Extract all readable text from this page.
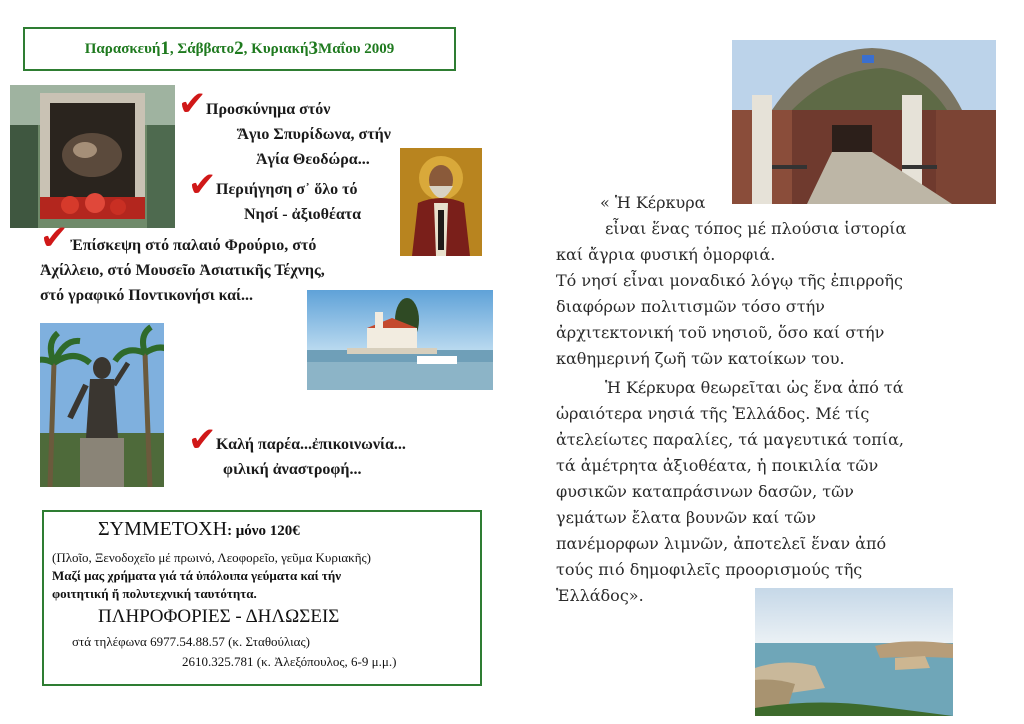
Παρασκευή 1 , Σάββατο 2 , Κυριακή 3 Μαΐου 2009
✔ Προσκύνημα στόν
Ἅγιο Σπυρίδωνα, στήν
Ἁγία Θεοδώρα...
✔ Περιήγηση σ᾽ ὅλο τό
Νησί - ἀξιοθέατα
✔ Ἐπίσκεψη στό παλαιό Φρούριο, στό
Ἀχίλλειο, στό Μουσεῖο Ἀσιατικῆς Τέχνης,
στό γραφικό Ποντικονήσι καί...
✔ Καλή παρέα...ἐπικοινωνία...
φιλική ἀναστροφή...
ΣΥΜΜΕΤΟΧΗ: μόνο 120€
(Πλοῖο, Ξενοδοχεῖο μέ πρωινό, Λεοφορεῖο, γεῦμα Κυριακῆς)
Μαζί μας χρήματα γιά τά ὑπόλοιπα γεύματα καί τήν
φοιτητική ἤ πολυτεχνική ταυτότητα.
ΠΛΗΡΟΦΟΡΙΕΣ - ΔΗΛΩΣΕΙΣ
στά τηλέφωνα 6977.54.88.57 (κ. Σταθούλιας)
2610.325.781 (κ. Ἀλεξόπουλος, 6-9 μ.μ.)
« Ἡ Κέρκυρα
εἶναι ἕνας τόπος μέ πλούσια ἱστορία
καί ἄγρια φυσική ὀμορφιά.
Τό νησί εἶναι μοναδικό λόγῳ τῆς ἐπιρροῆς
διαφόρων πολιτισμῶν τόσο στήν
ἀρχιτεκτονική τοῦ νησιοῦ, ὅσο καί στήν
καθημερινή ζωῆ τῶν κατοίκων του.
Ἡ Κέρκυρα θεωρεῖται ὡς ἕνα ἀπό τά
ὡραιότερα νησιά τῆς Ἑλλάδος. Μέ τίς
ἀτελείωτες παραλίες, τά μαγευτικά τοπία,
τά ἀμέτρητα ἀξιοθέατα, ἡ ποικιλία τῶν
φυσικῶν καταπράσινων δασῶν, τῶν
γεμάτων ἔλατα βουνῶν καί τῶν
πανέμορφων λιμνῶν, ἀποτελεῖ ἕναν ἀπό
τούς πιό δημοφιλεῖς προορισμούς τῆς
Ἑλλάδος».
